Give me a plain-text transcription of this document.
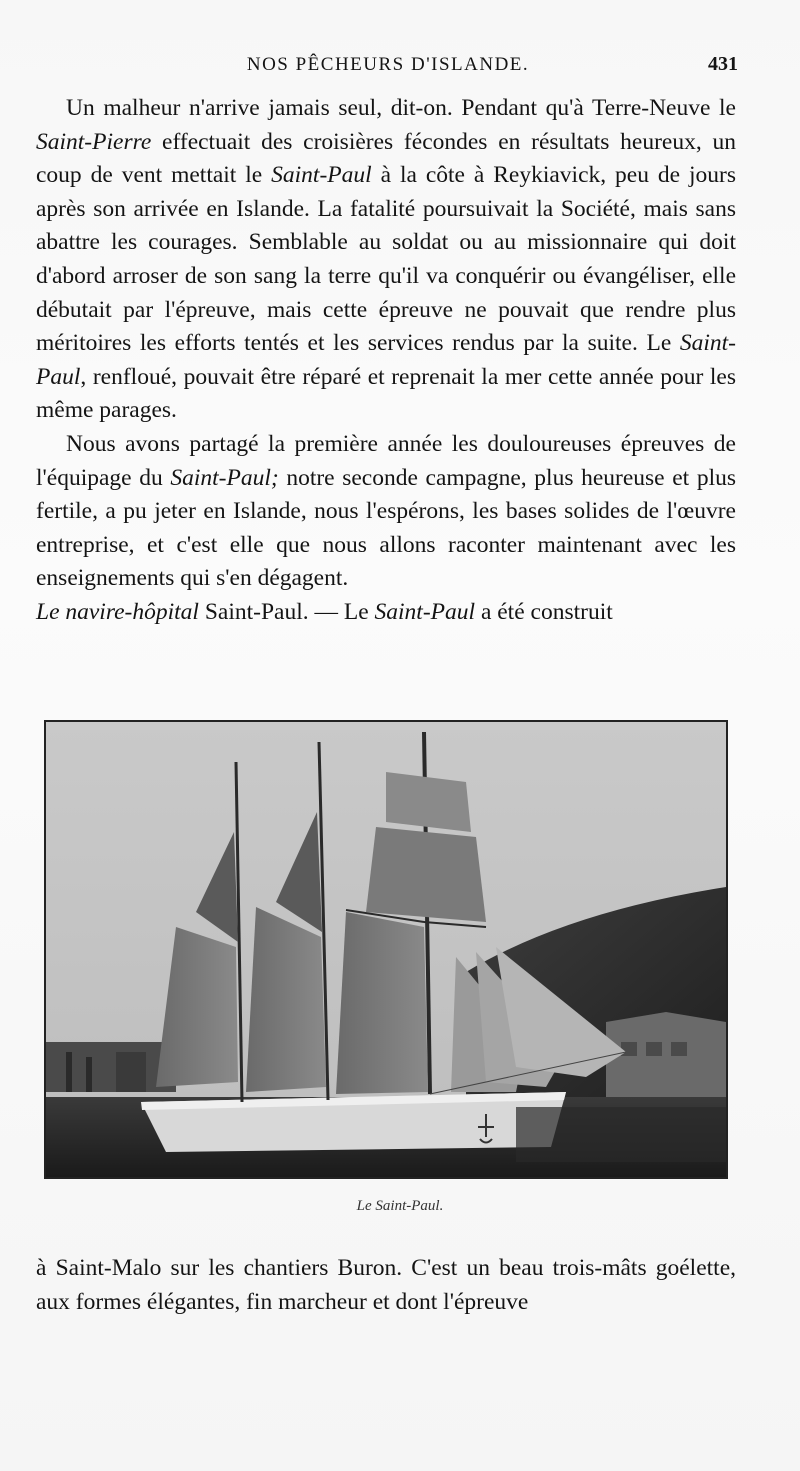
NOS PÊCHEURS D'ISLANDE.	431

Un malheur n'arrive jamais seul, dit-on. Pendant qu'à Terre-Neuve le Saint-Pierre effectuait des croisières fécondes en résultats heureux, un coup de vent mettait le Saint-Paul à la côte à Reykiavick, peu de jours après son arrivée en Islande. La fatalité poursuivait la Société, mais sans abattre les courages. Semblable au soldat ou au missionnaire qui doit d'abord arroser de son sang la terre qu'il va conquérir ou évangéliser, elle débutait par l'épreuve, mais cette épreuve ne pouvait que rendre plus méritoires les efforts tentés et les services rendus par la suite. Le Saint-Paul, renfloué, pouvait être réparé et reprenait la mer cette année pour les même parages.

Nous avons partagé la première année les douloureuses épreuves de l'équipage du Saint-Paul; notre seconde campagne, plus heureuse et plus fertile, a pu jeter en Islande, nous l'espérons, les bases solides de l'œuvre entreprise, et c'est elle que nous allons raconter maintenant avec les enseignements qui s'en dégagent.

Le navire-hôpital Saint-Paul. — Le Saint-Paul a été construit

Le Saint-Paul.

à Saint-Malo sur les chantiers Buron. C'est un beau trois-mâts goélette, aux formes élégantes, fin marcheur et dont l'épreuve
